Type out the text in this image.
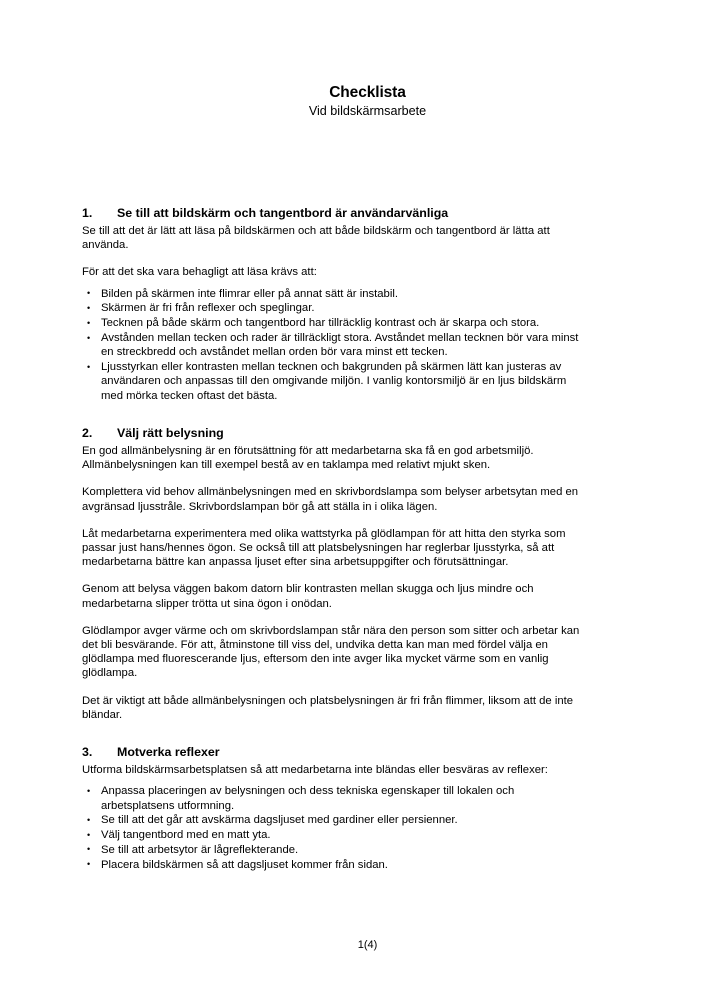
Checklista
Vid bildskärmsarbete
1.	Se till att bildskärm och tangentbord är användarvänliga

Se till att det är lätt att läsa på bildskärmen och att både bildskärm och tangentbord är lätta att använda.

För att det ska vara behagligt att läsa krävs att:

• Bilden på skärmen inte flimrar eller på annat sätt är instabil.
• Skärmen är fri från reflexer och speglingar.
• Tecknen på både skärm och tangentbord har tillräcklig kontrast och är skarpa och stora.
• Avstånden mellan tecken och rader är tillräckligt stora. Avståndet mellan tecknen bör vara minst en streckbredd och avståndet mellan orden bör vara minst ett tecken.
• Ljusstyrkan eller kontrasten mellan tecknen och bakgrunden på skärmen lätt kan justeras av användaren och anpassas till den omgivande miljön. I vanlig kontorsmiljö är en ljus bildskärm med mörka tecken oftast det bästa.
2.	Välj rätt belysning

En god allmänbelysning är en förutsättning för att medarbetarna ska få en god arbetsmiljö. Allmänbelysningen kan till exempel bestå av en taklampa med relativt mjukt sken.

Komplettera vid behov allmänbelysningen med en skrivbordslampa som belyser arbetsytan med en avgränsad ljusstråle. Skrivbordslampan bör gå att ställa in i olika lägen.

Låt medarbetarna experimentera med olika wattstyrka på glödlampan för att hitta den styrka som passar just hans/hennes ögon. Se också till att platsbelysningen har reglerbar ljusstyrka, så att medarbetarna bättre kan anpassa ljuset efter sina arbetsuppgifter och förutsättningar.

Genom att belysa väggen bakom datorn blir kontrasten mellan skugga och ljus mindre och medarbetarna slipper trötta ut sina ögon i onödan.

Glödlampor avger värme och om skrivbordslampan står nära den person som sitter och arbetar kan det bli besvärande. För att, åtminstone till viss del, undvika detta kan man med fördel välja en glödlampa med fluorescerande ljus, eftersom den inte avger lika mycket värme som en vanlig glödlampa.

Det är viktigt att både allmänbelysningen och platsbelysningen är fri från flimmer, liksom att de inte bländar.

3.	Motverka reflexer

Utforma bildskärmsarbetsplatsen så att medarbetarna inte bländas eller besväras av reflexer:

• Anpassa placeringen av belysningen och dess tekniska egenskaper till lokalen och arbetsplatsens utformning.
• Se till att det går att avskärma dagsljuset med gardiner eller persienner.
• Välj tangentbord med en matt yta.
• Se till att arbetsytor är lågreflekterande.
• Placera bildskärmen så att dagsljuset kommer från sidan.
1(4)
